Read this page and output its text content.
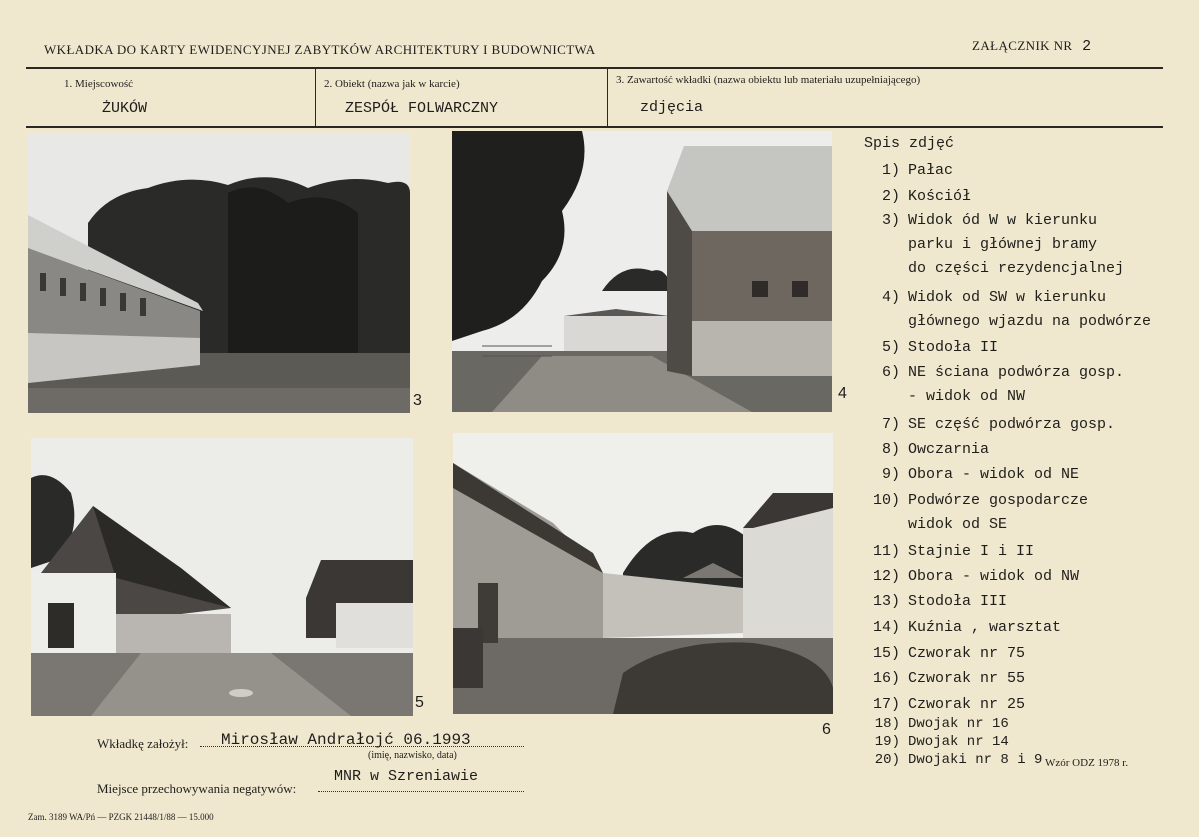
WKŁADKA DO KARTY EWIDENCYJNEJ ZABYTKÓW ARCHITEKTURY I BUDOWNICTWA	ZAŁĄCZNIK NR 2
1. Miejscowość
ŻUKÓW
2. Obiekt (nazwa jak w karcie)
ZESPÓŁ FOLWARCZNY
3. Zawartość wkładki (nazwa obiektu lub materiału uzupełniającego)
zdjęcia
3	4
5
6
Spis zdjęć
1) Pałac
2) Kościół
3) Widok ód W w kierunku
parku i głównej bramy
do części rezydencjalnej
4) Widok od SW w kierunku
głównego wjazdu na podwórze
5) Stodoła II
6) NE ściana podwórza gosp.
- widok od NW
7) SE część podwórza gosp.
8) Owczarnia
9) Obora - widok od NE
10) Podwórze gospodarcze
widok od SE
11) Stajnie I i II
12) Obora - widok od NW
13) Stodoła III
14) Kuźnia , warsztat
15) Czworak nr 75
16) Czworak nr 55
17) Czworak nr 25
18) Dwojak nr 16
19) Dwojak nr 14
20) Dwojaki nr 8 i 9
Wkładkę założył: Mirosław Andrałojć 06.1993
(imię, nazwisko, data)
Miejsce przechowywania negatywów:
MNR w Szreniawie
Wzór ODZ 1978 r.
Zam. 3189 WA/Pń — PZGK 21448/1/88 — 15.000
